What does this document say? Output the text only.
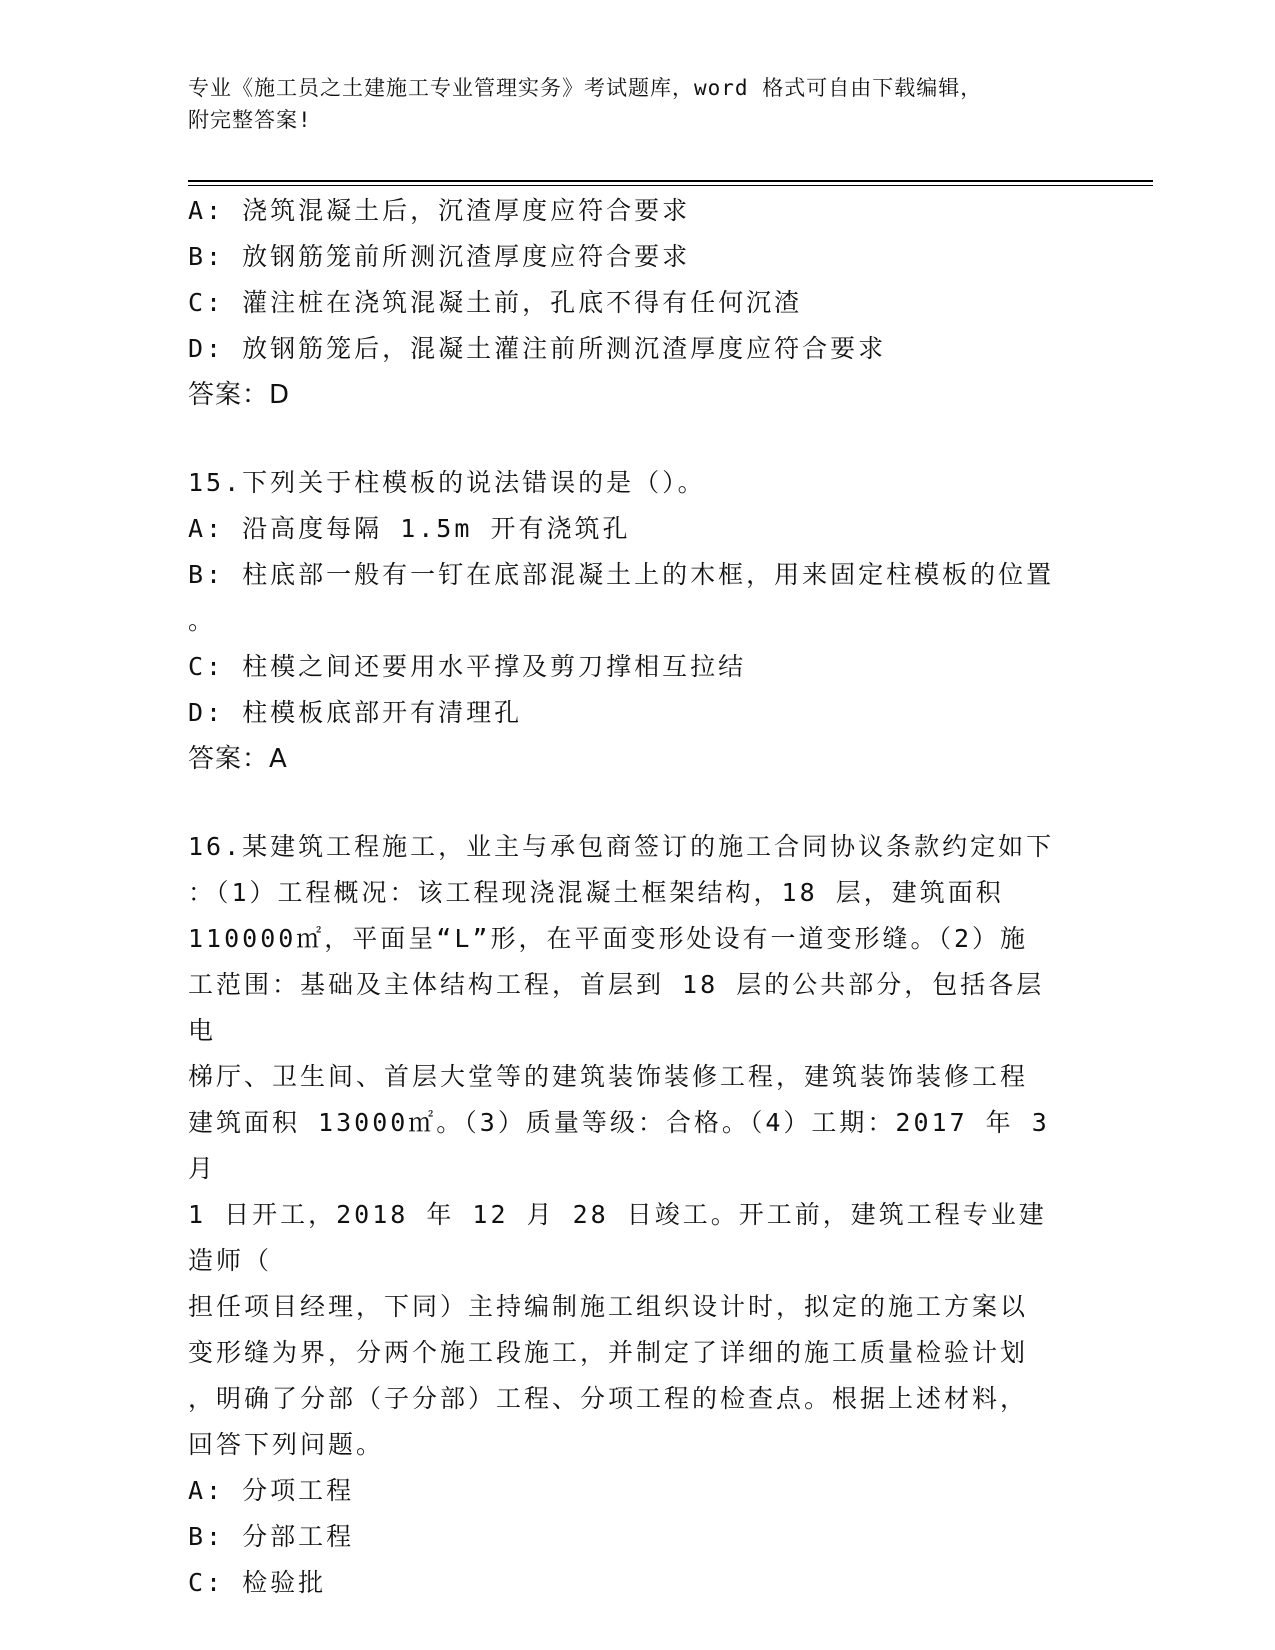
专业《施工员之土建施工专业管理实务》考试题库，word 格式可自由下载编辑，
附完整答案!
A: 浇筑混凝土后，沉渣厚度应符合要求
B: 放钢筋笼前所测沉渣厚度应符合要求
C: 灌注桩在浇筑混凝土前，孔底不得有任何沉渣
D: 放钢筋笼后，混凝土灌注前所测沉渣厚度应符合要求
答案：D
15.下列关于柱模板的说法错误的是（）。
A: 沿高度每隔 1.5m 开有浇筑孔
B: 柱底部一般有一钉在底部混凝土上的木框，用来固定柱模板的位置
。
C: 柱模之间还要用水平撑及剪刀撑相互拉结
D: 柱模板底部开有清理孔
答案：A
16.某建筑工程施工，业主与承包商签订的施工合同协议条款约定如下
：（1）工程概况：该工程现浇混凝土框架结构，18 层，建筑面积
110000㎡，平面呈“L”形，在平面变形处设有一道变形缝。（2）施
工范围：基础及主体结构工程，首层到 18 层的公共部分，包括各层电
梯厅、卫生间、首层大堂等的建筑装饰装修工程，建筑装饰装修工程
建筑面积 13000㎡。（3）质量等级：合格。（4）工期：2017 年 3 月
1 日开工，2018 年 12 月 28 日竣工。开工前，建筑工程专业建造师（
担任项目经理，下同）主持编制施工组织设计时，拟定的施工方案以
变形缝为界，分两个施工段施工，并制定了详细的施工质量检验计划
，明确了分部（子分部）工程、分项工程的检查点。根据上述材料，
回答下列问题。
A: 分项工程
B: 分部工程
C: 检验批
